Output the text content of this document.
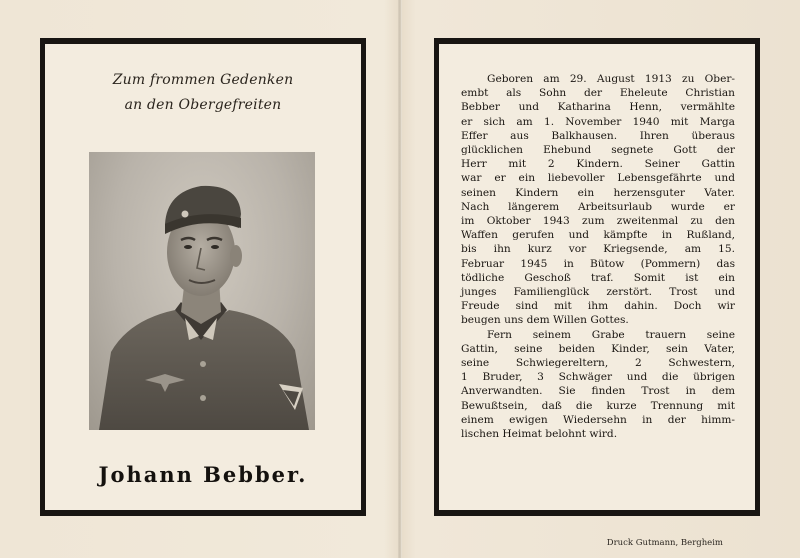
Zum frommen Gedenken
an den Obergefreiten
Johann Bebber.
Geboren am 29. August 1913 zu Ober-
embt als Sohn der Eheleute Christian
Bebber und Katharina Henn, vermählte
er sich am 1. November 1940 mit Marga
Effer aus Balkhausen. Ihren überaus
glücklichen Ehebund segnete Gott der
Herr mit 2 Kindern. Seiner Gattin
war er ein liebevoller Lebensgefährte und
seinen Kindern ein herzensguter Vater.
Nach längerem Arbeitsurlaub wurde er
im Oktober 1943 zum zweitenmal zu den
Waffen gerufen und kämpfte in Rußland,
bis ihn kurz vor Kriegsende, am 15.
Februar 1945 in Bütow (Pommern) das
tödliche Geschoß traf. Somit ist ein
junges Familienglück zerstört. Trost und
Freude sind mit ihm dahin. Doch wir
beugen uns dem Willen Gottes.
Fern seinem Grabe trauern seine
Gattin, seine beiden Kinder, sein Vater,
seine Schwiegereltern, 2 Schwestern,
1 Bruder, 3 Schwäger und die übrigen
Anverwandten. Sie finden Trost in dem
Bewußtsein, daß die kurze Trennung mit
einem ewigen Wiedersehn in der himm-
lischen Heimat belohnt wird.
Druck Gutmann, Bergheim
